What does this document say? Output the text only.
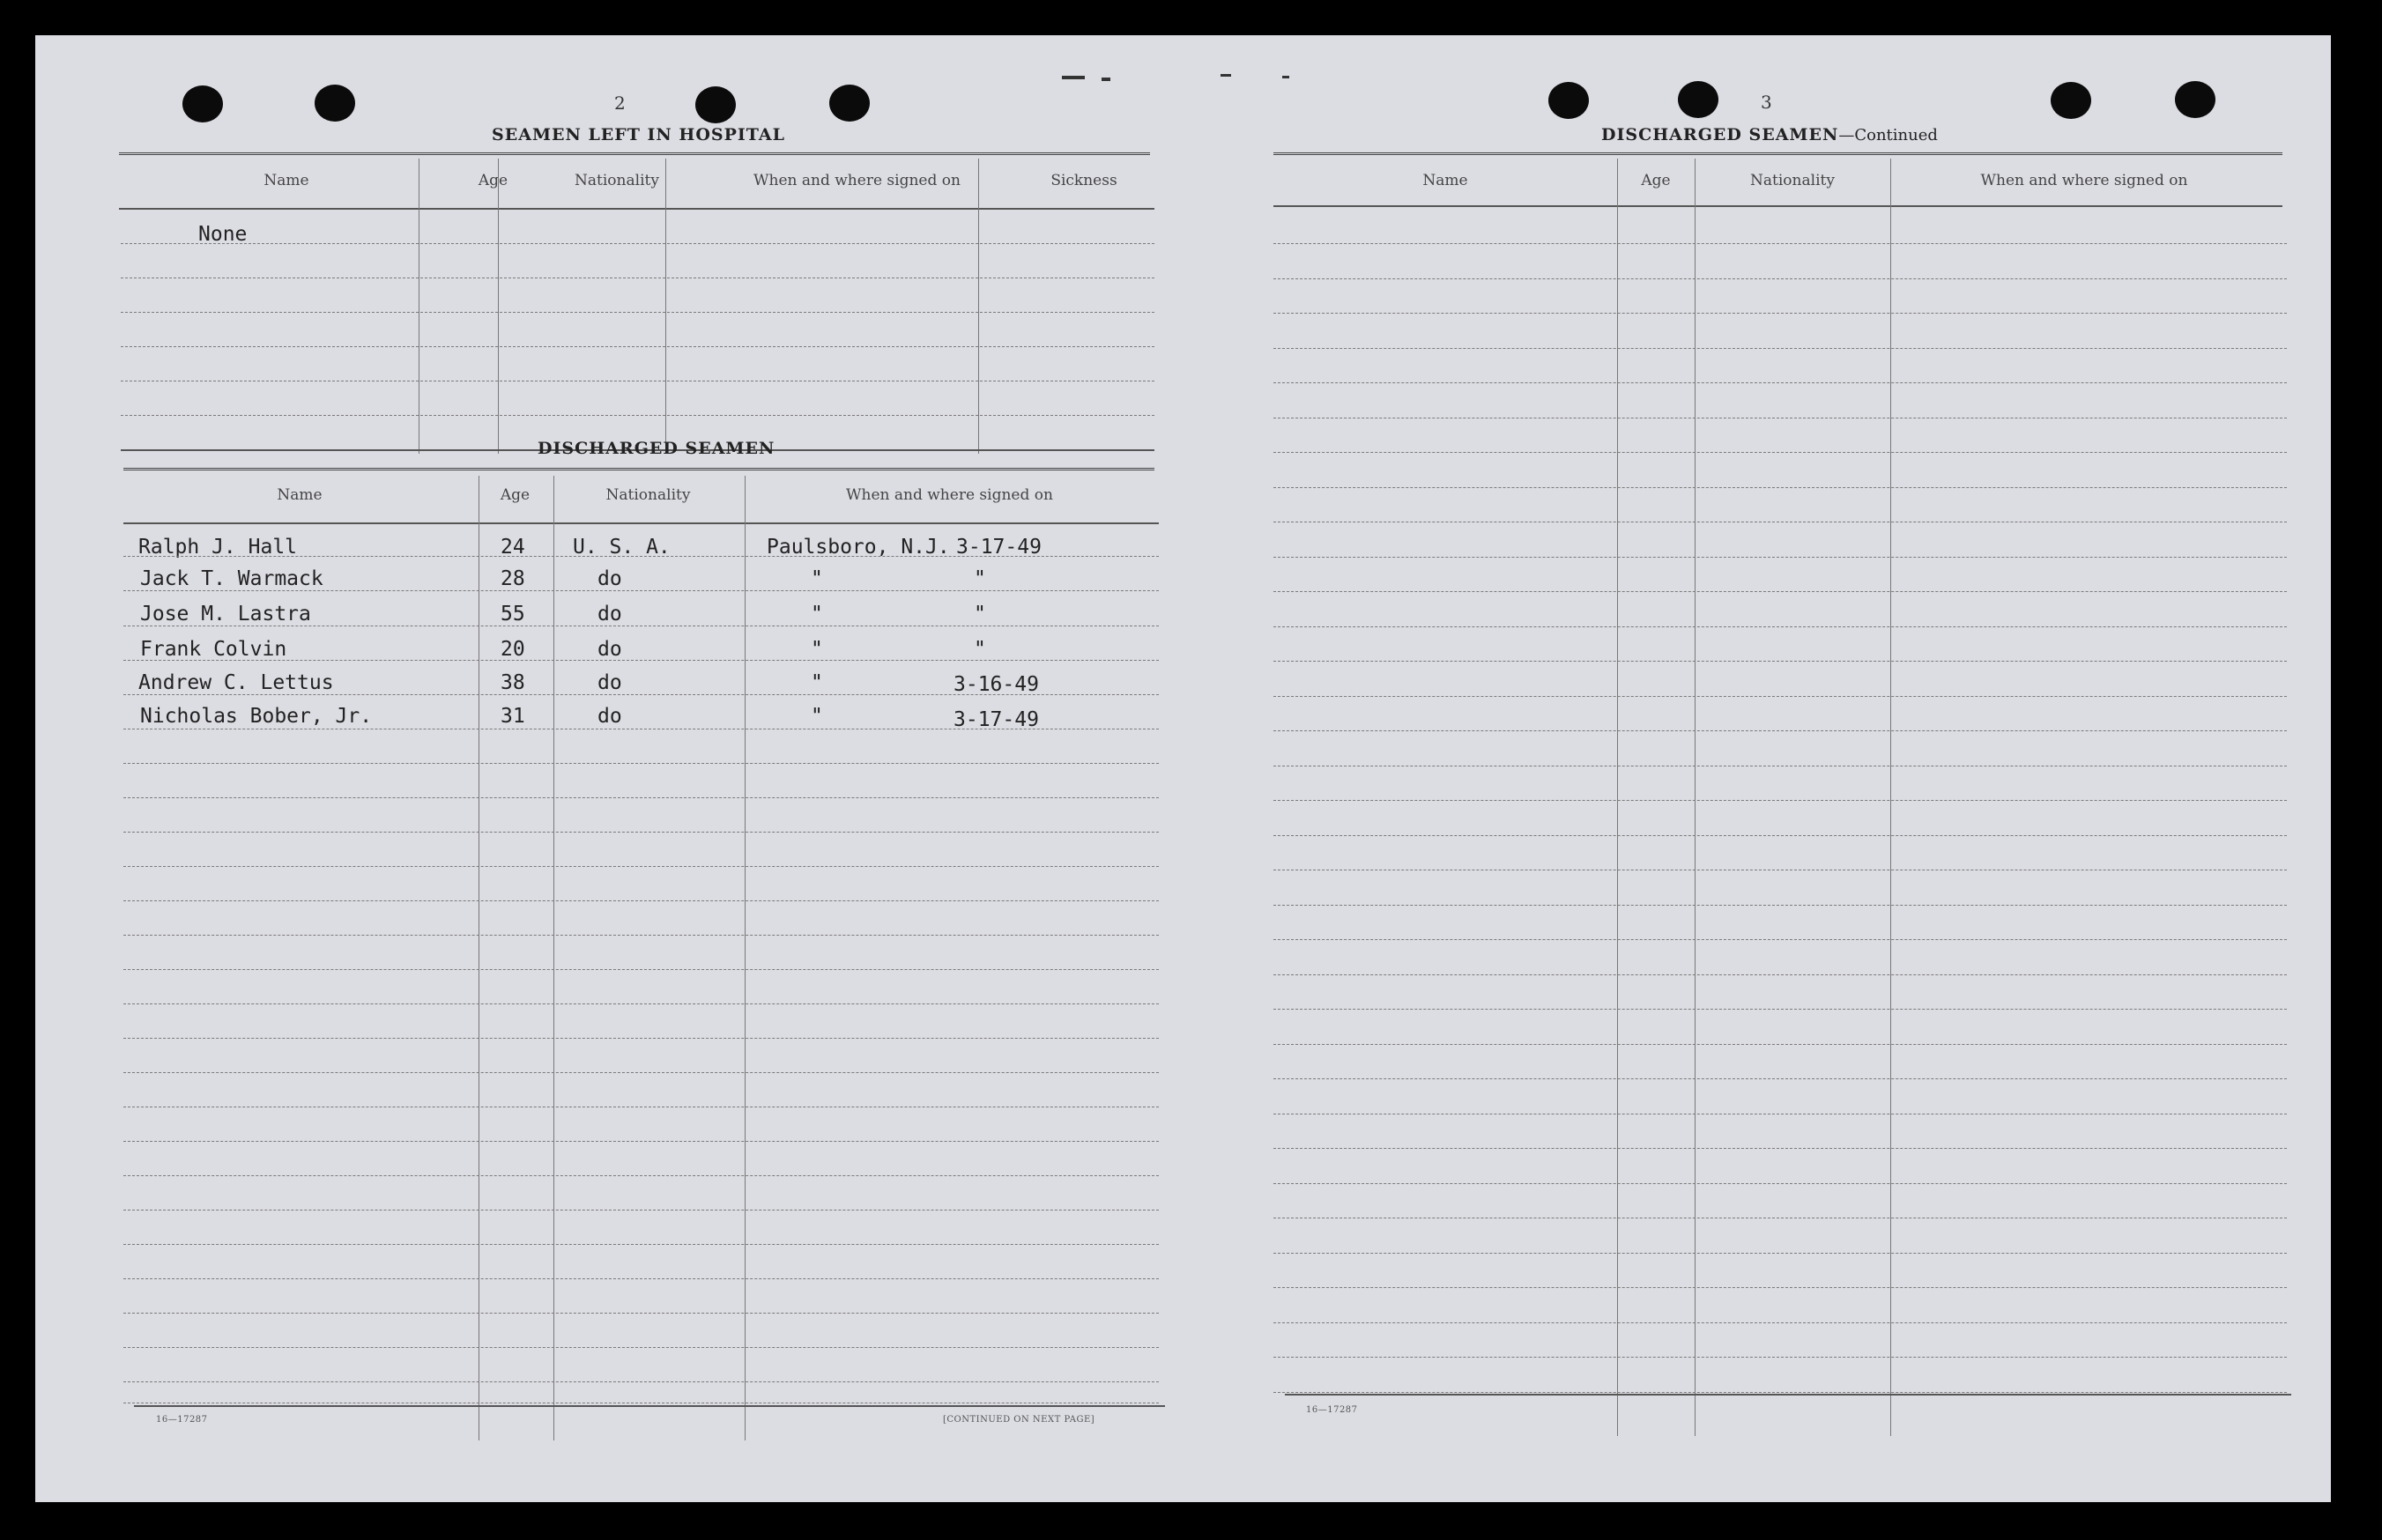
2
SEAMEN LEFT IN HOSPITAL
Name	Age	Nationality	When and where signed on	Sickness
None
DISCHARGED SEAMEN
Name	Age	Nationality	When and where signed on
Ralph J. Hall	24 U. S. A.	Paulsboro, N.J. 3-17-49
Jack T. Warmack	28	do	"	"
Jose M. Lastra	55	do	"	"
Frank Colvin	20	do	"	"
Andrew C. Lettus	38	do	"	3-16-49
Nicholas Bober, Jr.	31	do	"	3-17-49
16—17287	[CONTINUED ON NEXT PAGE]
3
DISCHARGED SEAMEN—Continued
Name	Age	Nationality	When and where signed on
16—17287
